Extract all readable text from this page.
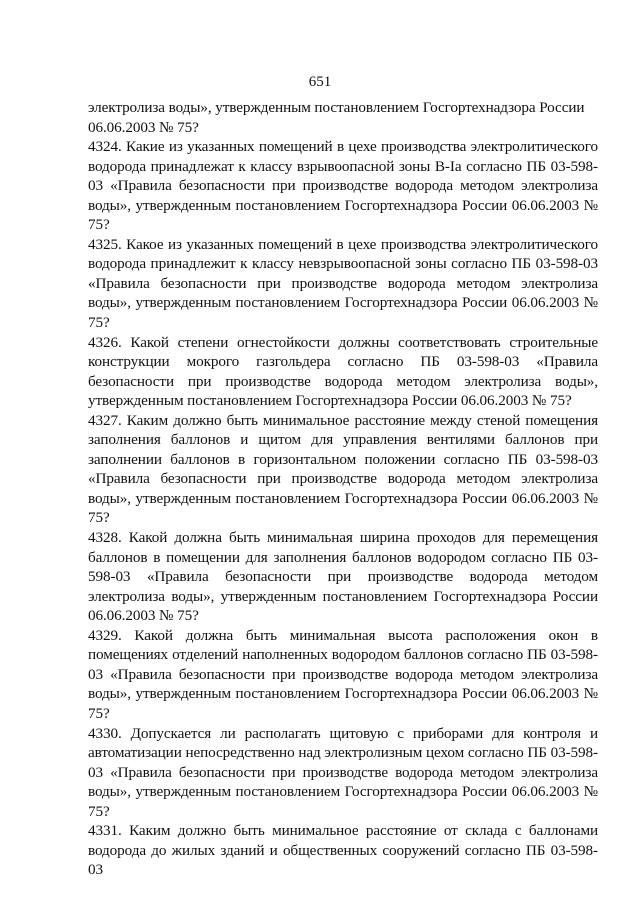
651

электролиза воды», утвержденным постановлением Госгортехнадзора России 06.06.2003 № 75?

4324. Какие из указанных помещений в цехе производства электролитического водорода принадлежат к классу взрывоопасной зоны В-Iа согласно ПБ 03-598-03 «Правила безопасности при производстве водорода методом электролиза воды», утвержденным постановлением Госгортехнадзора России 06.06.2003 № 75?

4325. Какое из указанных помещений в цехе производства электролитического водорода принадлежит к классу невзрывоопасной зоны согласно ПБ 03-598-03 «Правила безопасности при производстве водорода методом электролиза воды», утвержденным постановлением Госгортехнадзора России 06.06.2003 № 75?

4326. Какой степени огнестойкости должны соответствовать строительные конструкции мокрого газгольдера согласно ПБ 03-598-03 «Правила безопасности при производстве водорода методом электролиза воды», утвержденным постановлением Госгортехнадзора России 06.06.2003 № 75?

4327. Каким должно быть минимальное расстояние между стеной помещения заполнения баллонов и щитом для управления вентилями баллонов при заполнении баллонов в горизонтальном положении согласно ПБ 03-598-03 «Правила безопасности при производстве водорода методом электролиза воды», утвержденным постановлением Госгортехнадзора России 06.06.2003 № 75?

4328. Какой должна быть минимальная ширина проходов для перемещения баллонов в помещении для заполнения баллонов водородом согласно ПБ 03-598-03 «Правила безопасности при производстве водорода методом электролиза воды», утвержденным постановлением Госгортехнадзора России 06.06.2003 № 75?

4329. Какой должна быть минимальная высота расположения окон в помещениях отделений наполненных водородом баллонов согласно ПБ 03-598-03 «Правила безопасности при производстве водорода методом электролиза воды», утвержденным постановлением Госгортехнадзора России 06.06.2003 № 75?

4330. Допускается ли располагать щитовую с приборами для контроля и автоматизации непосредственно над электролизным цехом согласно ПБ 03-598-03 «Правила безопасности при производстве водорода методом электролиза воды», утвержденным постановлением Госгортехнадзора России 06.06.2003 № 75?

4331. Каким должно быть минимальное расстояние от склада с баллонами водорода до жилых зданий и общественных сооружений согласно ПБ 03-598-03
